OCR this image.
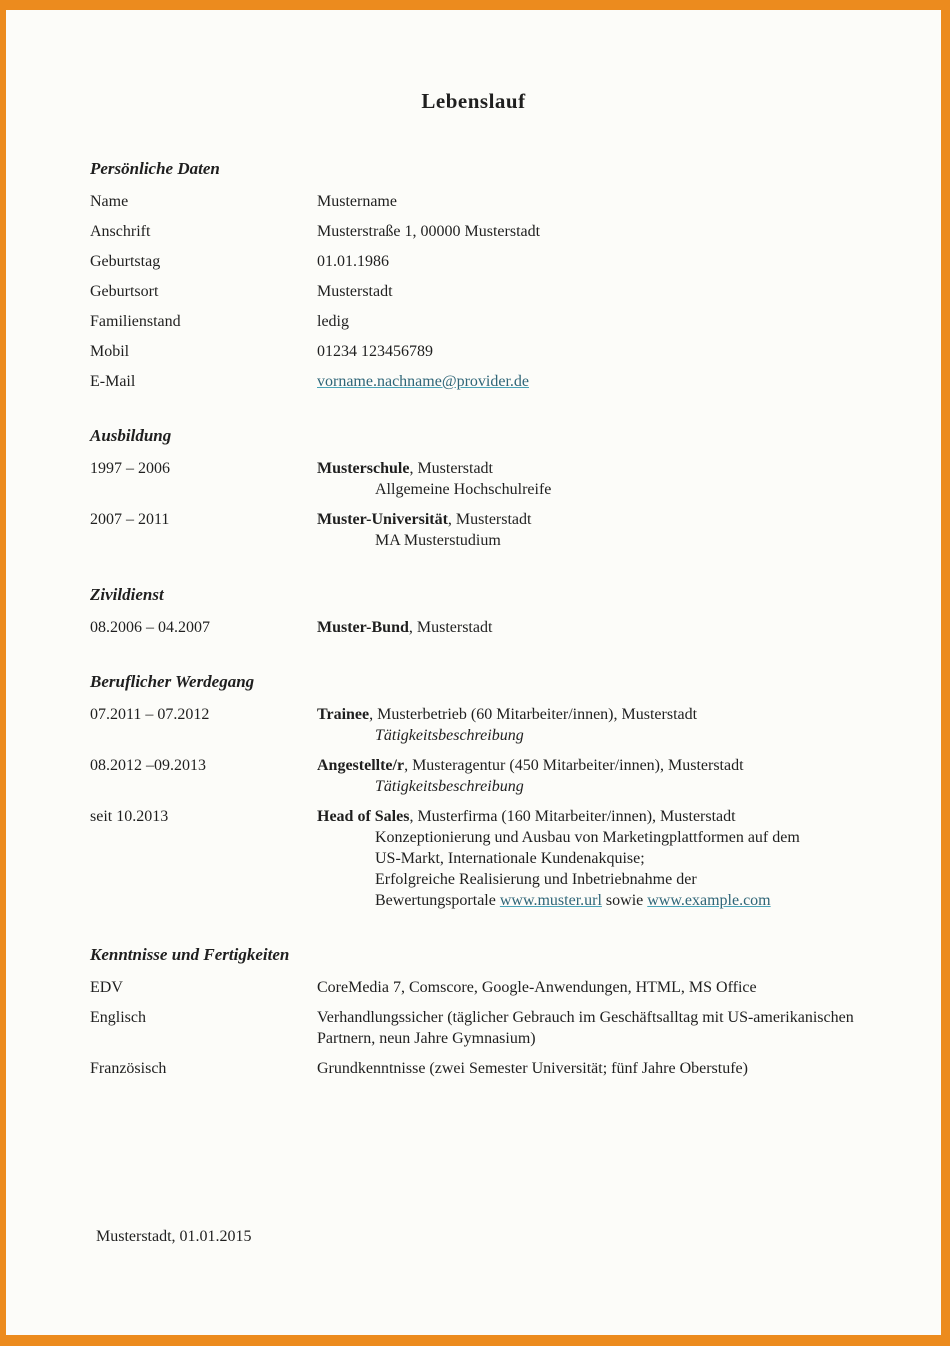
Lebenslauf
Persönliche Daten
Name	Mustername
Anschrift	Musterstraße 1, 00000 Musterstadt
Geburtstag	01.01.1986
Geburtsort	Musterstadt
Familienstand	ledig
Mobil	01234 123456789
E-Mail	vorname.nachname@provider.de
Ausbildung
1997 – 2006	Musterschule, Musterstadt
Allgemeine Hochschulreife
2007 – 2011	Muster-Universität, Musterstadt
MA Musterstudium
Zivildienst
08.2006 – 04.2007	Muster-Bund, Musterstadt
Beruflicher Werdegang
07.2011 – 07.2012	Trainee, Musterbetrieb (60 Mitarbeiter/innen), Musterstadt
Tätigkeitsbeschreibung
08.2012 –09.2013	Angestellte/r, Musteragentur (450 Mitarbeiter/innen), Musterstadt
Tätigkeitsbeschreibung
seit 10.2013	Head of Sales, Musterfirma (160 Mitarbeiter/innen), Musterstadt
Konzeptionierung und Ausbau von Marketingplattformen auf dem US-Markt, Internationale Kundenakquise;
Erfolgreiche Realisierung und Inbetriebnahme der Bewertungsportale www.muster.url sowie www.example.com
Kenntnisse und Fertigkeiten
EDV	CoreMedia 7, Comscore, Google-Anwendungen, HTML, MS Office
Englisch	Verhandlungssicher (täglicher Gebrauch im Geschäftsalltag mit US-amerikanischen Partnern, neun Jahre Gymnasium)
Französisch	Grundkenntnisse (zwei Semester Universität; fünf Jahre Oberstufe)
Musterstadt, 01.01.2015
